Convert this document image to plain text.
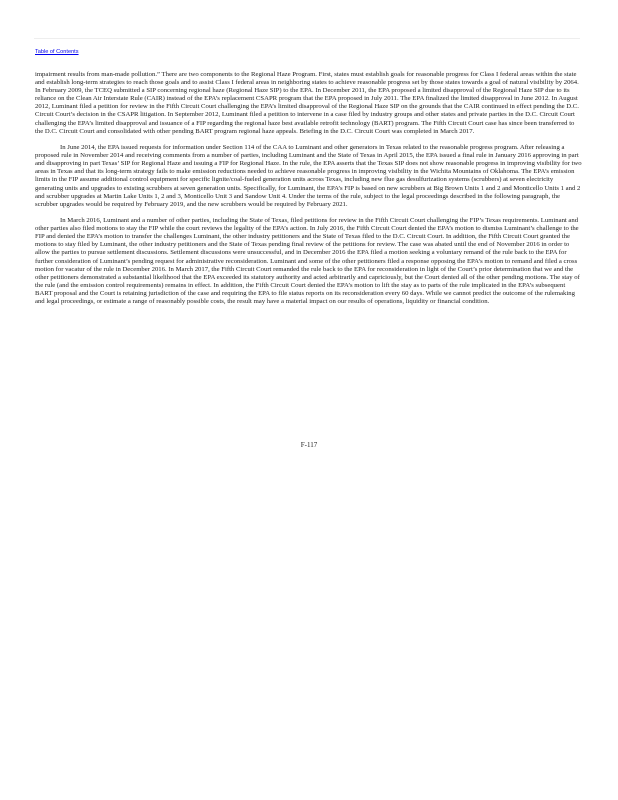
Table of Contents

impairment results from man-made pollution.” There are two components to the Regional Haze Program. First, states must establish goals for reasonable progress for Class I federal areas within the state and establish long-term strategies to reach those goals and to assist Class I federal areas in neighboring states to achieve reasonable progress set by those states towards a goal of natural visibility by 2064. In February 2009, the TCEQ submitted a SIP concerning regional haze (Regional Haze SIP) to the EPA. In December 2011, the EPA proposed a limited disapproval of the Regional Haze SIP due to its reliance on the Clean Air Interstate Rule (CAIR) instead of the EPA’s replacement CSAPR program that the EPA proposed in July 2011. The EPA finalized the limited disapproval in June 2012. In August 2012, Luminant filed a petition for review in the Fifth Circuit Court challenging the EPA’s limited disapproval of the Regional Haze SIP on the grounds that the CAIR continued in effect pending the D.C. Circuit Court’s decision in the CSAPR litigation. In September 2012, Luminant filed a petition to intervene in a case filed by industry groups and other states and private parties in the D.C. Circuit Court challenging the EPA’s limited disapproval and issuance of a FIP regarding the regional haze best available retrofit technology (BART) program. The Fifth Circuit Court case has since been transferred to the D.C. Circuit Court and consolidated with other pending BART program regional haze appeals. Briefing in the D.C. Circuit Court was completed in March 2017.

In June 2014, the EPA issued requests for information under Section 114 of the CAA to Luminant and other generators in Texas related to the reasonable progress program. After releasing a proposed rule in November 2014 and receiving comments from a number of parties, including Luminant and the State of Texas in April 2015, the EPA issued a final rule in January 2016 approving in part and disapproving in part Texas’ SIP for Regional Haze and issuing a FIP for Regional Haze. In the rule, the EPA asserts that the Texas SIP does not show reasonable progress in improving visibility for two areas in Texas and that its long-term strategy fails to make emission reductions needed to achieve reasonable progress in improving visibility in the Wichita Mountains of Oklahoma. The EPA’s emission limits in the FIP assume additional control equipment for specific lignite/coal-fueled generation units across Texas, including new flue gas desulfurization systems (scrubbers) at seven electricity generating units and upgrades to existing scrubbers at seven generation units. Specifically, for Luminant, the EPA’s FIP is based on new scrubbers at Big Brown Units 1 and 2 and Monticello Units 1 and 2 and scrubber upgrades at Martin Lake Units 1, 2 and 3, Monticello Unit 3 and Sandow Unit 4. Under the terms of the rule, subject to the legal proceedings described in the following paragraph, the scrubber upgrades would be required by February 2019, and the new scrubbers would be required by February 2021.

In March 2016, Luminant and a number of other parties, including the State of Texas, filed petitions for review in the Fifth Circuit Court challenging the FIP’s Texas requirements. Luminant and other parties also filed motions to stay the FIP while the court reviews the legality of the EPA’s action. In July 2016, the Fifth Circuit Court denied the EPA’s motion to dismiss Luminant’s challenge to the FIP and denied the EPA’s motion to transfer the challenges Luminant, the other industry petitioners and the State of Texas filed to the D.C. Circuit Court. In addition, the Fifth Circuit Court granted the motions to stay filed by Luminant, the other industry petitioners and the State of Texas pending final review of the petitions for review. The case was abated until the end of November 2016 in order to allow the parties to pursue settlement discussions. Settlement discussions were unsuccessful, and in December 2016 the EPA filed a motion seeking a voluntary remand of the rule back to the EPA for further consideration of Luminant’s pending request for administrative reconsideration. Luminant and some of the other petitioners filed a response opposing the EPA’s motion to remand and filed a cross motion for vacatur of the rule in December 2016. In March 2017, the Fifth Circuit Court remanded the rule back to the EPA for reconsideration in light of the Court’s prior determination that we and the other petitioners demonstrated a substantial likelihood that the EPA exceeded its statutory authority and acted arbitrarily and capriciously, but the Court denied all of the other pending motions. The stay of the rule (and the emission control requirements) remains in effect. In addition, the Fifth Circuit Court denied the EPA’s motion to lift the stay as to parts of the rule implicated in the EPA’s subsequent BART proposal and the Court is retaining jurisdiction of the case and requiring the EPA to file status reports on its reconsideration every 60 days. While we cannot predict the outcome of the rulemaking and legal proceedings, or estimate a range of reasonably possible costs, the result may have a material impact on our results of operations, liquidity or financial condition.

F-117
